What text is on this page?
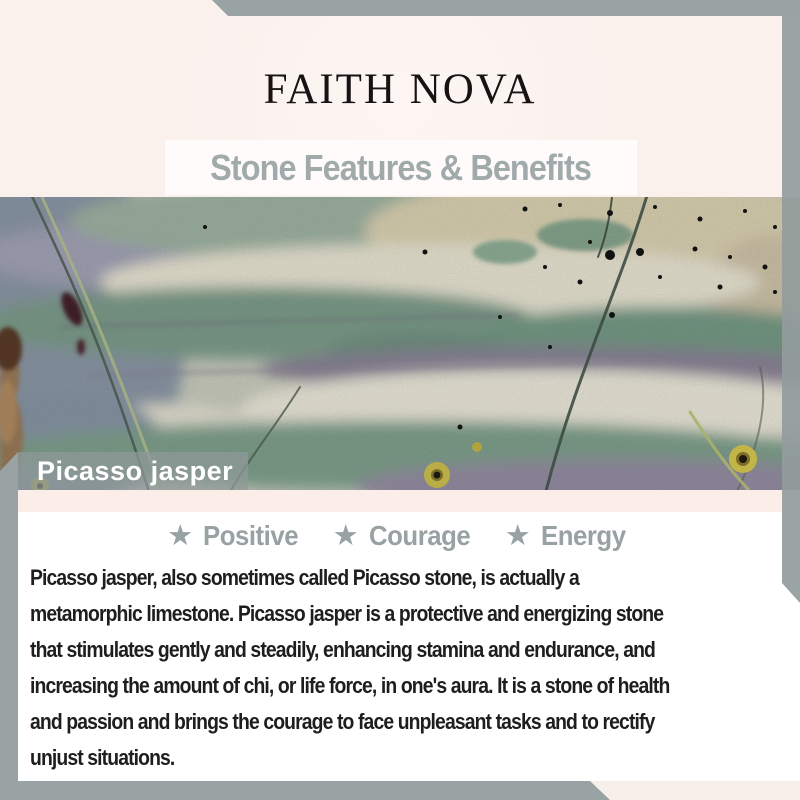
FAITH NOVA
Stone Features & Benefits
Picasso jasper
★ Positive ★ Courage ★ Energy
Picasso jasper, also sometimes called Picasso stone, is actually a
metamorphic limestone. Picasso jasper is a protective and energizing stone
that stimulates gently and steadily, enhancing stamina and endurance, and
increasing the amount of chi, or life force, in one's aura. It is a stone of health
and passion and brings the courage to face unpleasant tasks and to rectify
unjust situations.
